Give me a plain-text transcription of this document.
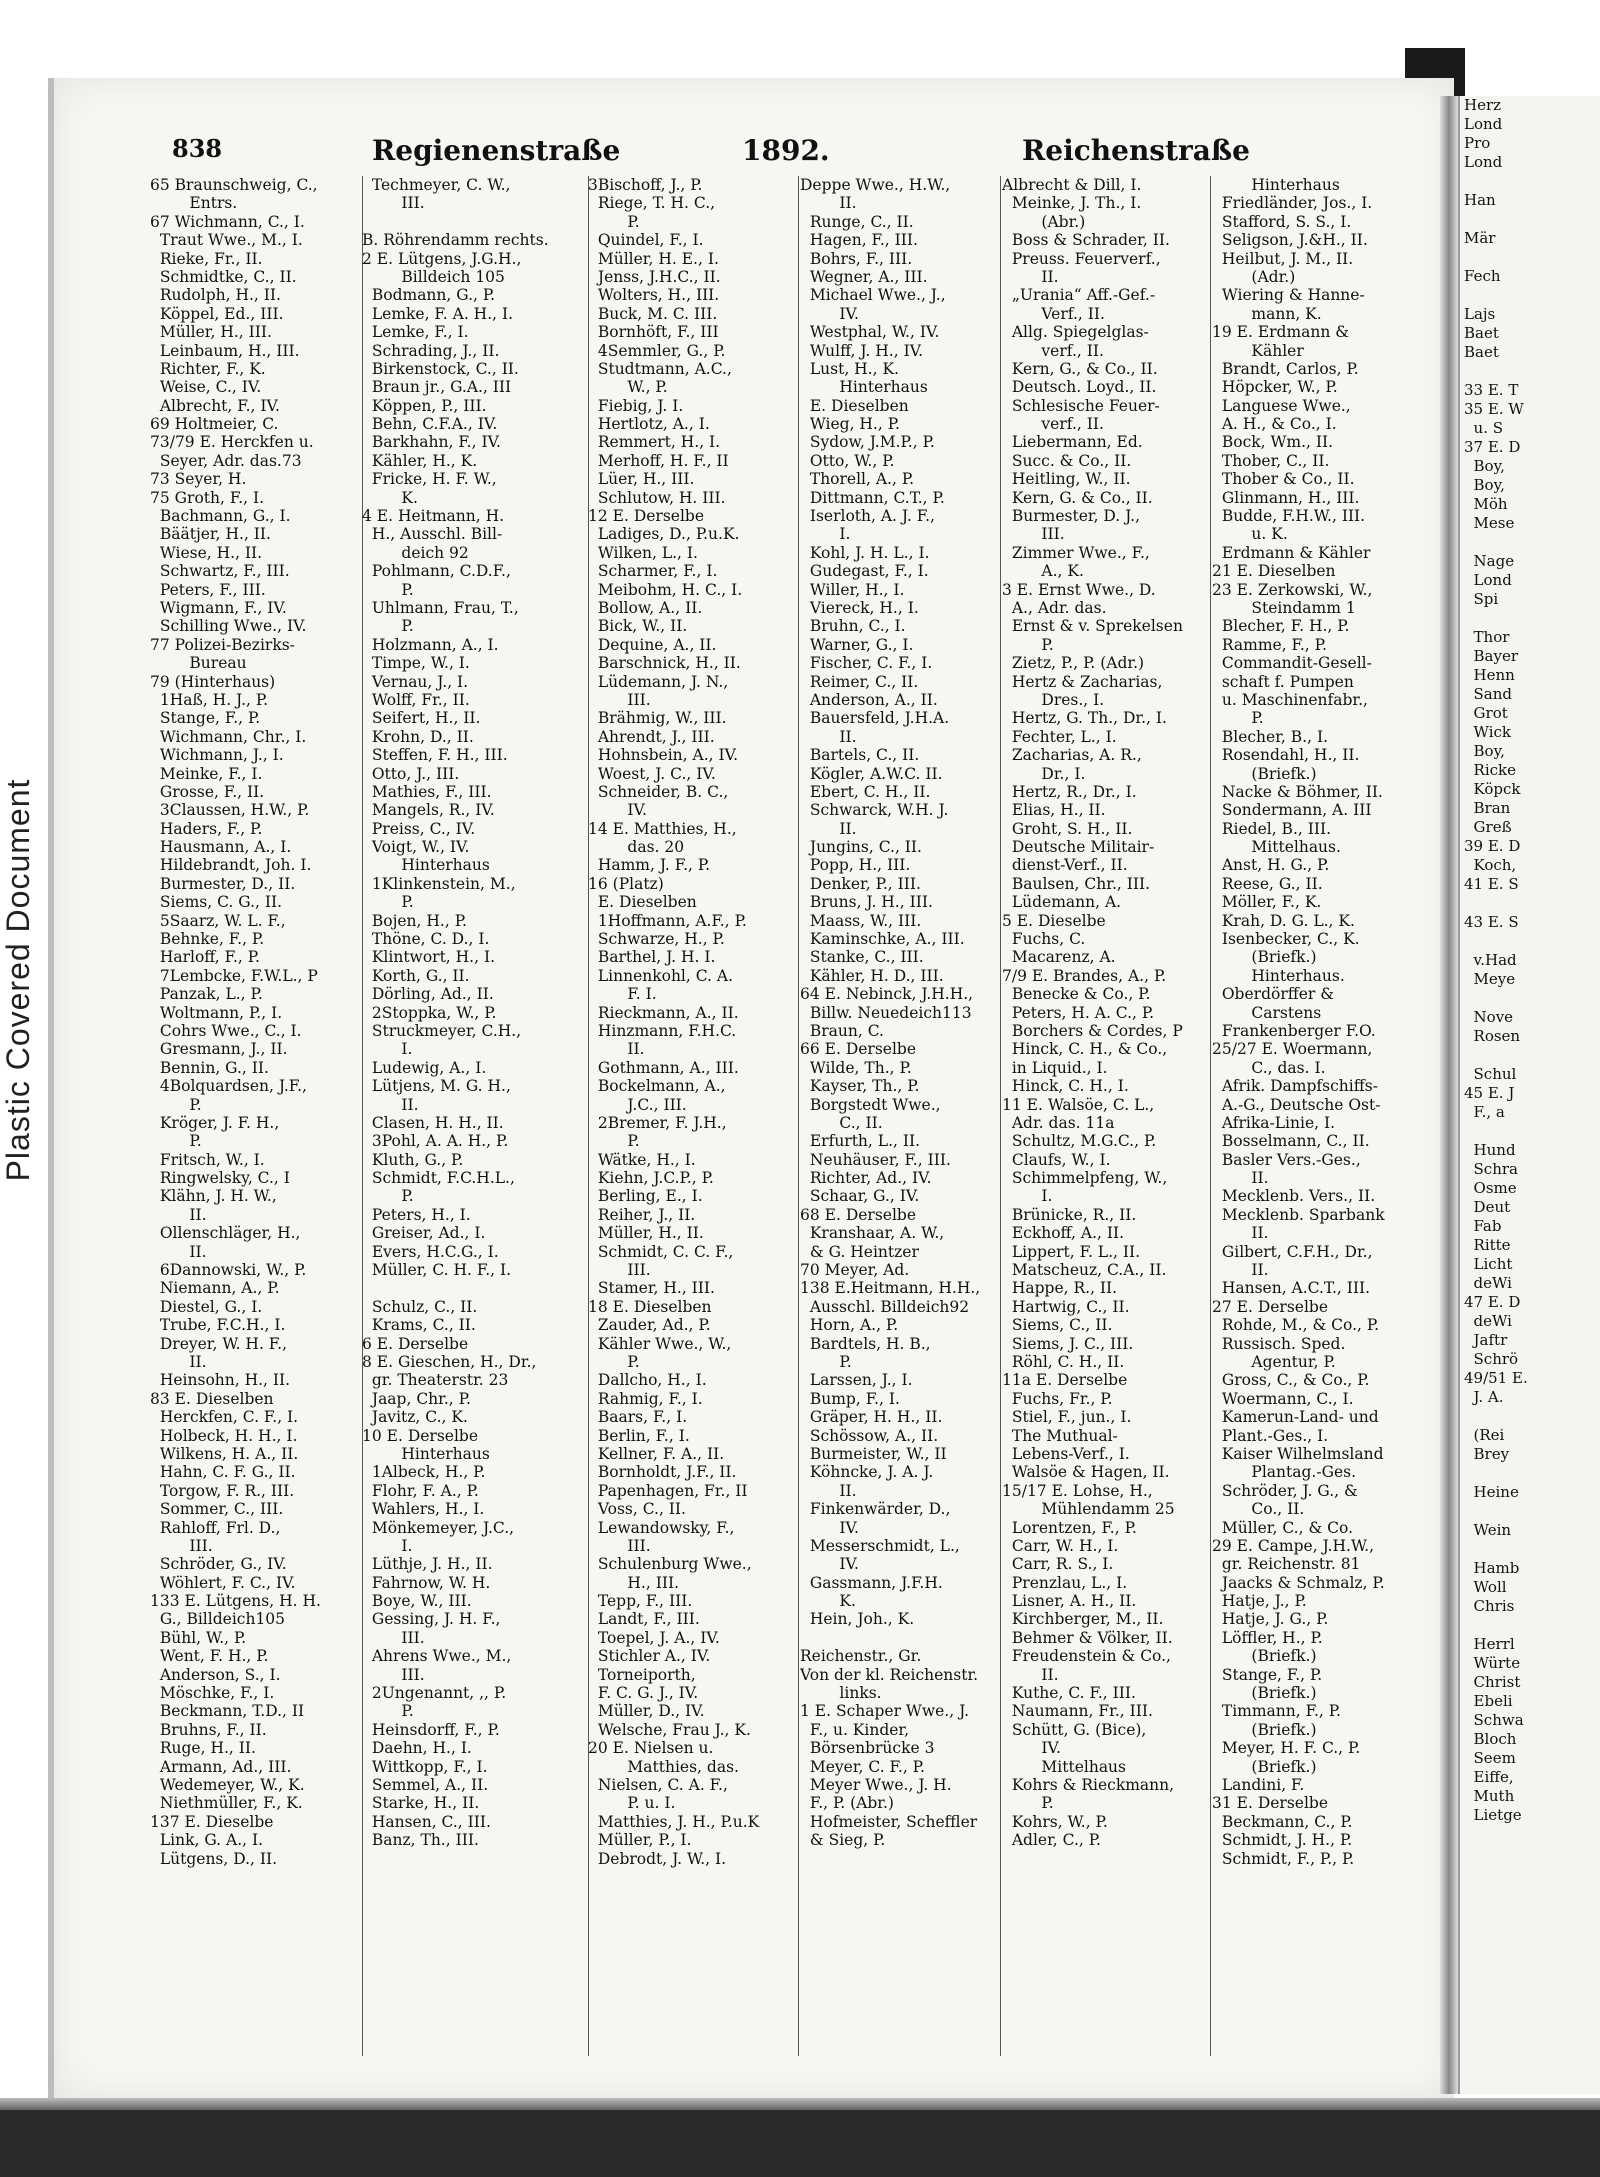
Plastic Covered Document
Herz
Lond
Pro
Lond
Han
Mär
Fech
Lajs
Baet
Baet
33 E. T
35 E. W
u. S
37 E. D
Boy,
Boy,
Möh
Mese
Nage
Lond
Spi
Thor
Bayer
Henn
Sand
Grot
Wick
Boy,
Ricke
Köpck
Bran
Greß
39 E. D
Koch,
41 E. S
43 E. S
v.Had
Meye
Nove
Rosen
Schul
45 E. J
F., a
Hund
Schra
Osme
Deut
Fab
Ritte
Licht
deWi
47 E. D
deWi
Jaftr
Schrö
49/51 E.
J. A.
(Rei
Brey
Heine
Wein
Hamb
Woll
Chris
Herrl
Würte
Christ
Ebeli
Schwa
Bloch
Seem
Eiffe,
Muth
Lietge
838	Regienenstraße	1892.	Reichenstraße
65 Braunschweig, C.,
Entrs.
67 Wichmann, C., I.
Traut Wwe., M., I.
Rieke, Fr., II.
Schmidtke, C., II.
Rudolph, H., II.
Köppel, Ed., III.
Müller, H., III.
Leinbaum, H., III.
Richter, F., K.
Weise, C., IV.
Albrecht, F., IV.
69 Holtmeier, C.
73/79 E. Herckfen u.
Seyer, Adr. das.73
73 Seyer, H.
75 Groth, F., I.
Bachmann, G., I.
Bäätjer, H., II.
Wiese, H., II.
Schwartz, F., III.
Peters, F., III.
Wigmann, F., IV.
Schilling Wwe., IV.
77 Polizei-Bezirks-
Bureau
79 (Hinterhaus)
1Haß, H. J., P.
Stange, F., P.
Wichmann, Chr., I.
Wichmann, J., I.
Meinke, F., I.
Grosse, F., II.
3Claussen, H.W., P.
Haders, F., P.
Hausmann, A., I.
Hildebrandt, Joh. I.
Burmester, D., II.
Siems, C. G., II.
5Saarz, W. L. F.,
Behnke, F., P.
Harloff, F., P.
7Lembcke, F.W.L., P
Panzak, L., P.
Woltmann, P., I.
Cohrs Wwe., C., I.
Gresmann, J., II.
Bennin, G., II.
4Bolquardsen, J.F.,
P.
Kröger, J. F. H.,
P.
Fritsch, W., I.
Ringwelsky, C., I
Klähn, J. H. W.,
II.
Ollenschläger, H.,
II.
6Dannowski, W., P.
Niemann, A., P.
Diestel, G., I.
Trube, F.C.H., I.
Dreyer, W. H. F.,
II.
Heinsohn, H., II.
83 E. Dieselben
Herckfen, C. F., I.
Holbeck, H. H., I.
Wilkens, H. A., II.
Hahn, C. F. G., II.
Torgow, F. R., III.
Sommer, C., III.
Rahloff, Frl. D.,
III.
Schröder, G., IV.
Wöhlert, F. C., IV.
133 E. Lütgens, H. H.
G., Billdeich105
Bühl, W., P.
Went, F. H., P.
Anderson, S., I.
Möschke, F., I.
Beckmann, T.D., II
Bruhns, F., II.
Ruge, H., II.
Armann, Ad., III.
Wedemeyer, W., K.
Niethmüller, F., K.
137 E. Dieselbe
Link, G. A., I.
Lütgens, D., II.
Techmeyer, C. W.,
III.
B. Röhrendamm rechts.
2 E. Lütgens, J.G.H.,
Billdeich 105
Bodmann, G., P.
Lemke, F. A. H., I.
Lemke, F., I.
Schrading, J., II.
Birkenstock, C., II.
Braun jr., G.A., III
Köppen, P., III.
Behn, C.F.A., IV.
Barkhahn, F., IV.
Kähler, H., K.
Fricke, H. F. W.,
K.
4 E. Heitmann, H.
H., Ausschl. Bill-
deich 92
Pohlmann, C.D.F.,
P.
Uhlmann, Frau, T.,
P.
Holzmann, A., I.
Timpe, W., I.
Vernau, J., I.
Wolff, Fr., II.
Seifert, H., II.
Krohn, D., II.
Steffen, F. H., III.
Otto, J., III.
Mathies, F., III.
Mangels, R., IV.
Preiss, C., IV.
Voigt, W., IV.
Hinterhaus
1Klinkenstein, M.,
P.
Bojen, H., P.
Thöne, C. D., I.
Klintwort, H., I.
Korth, G., II.
Dörling, Ad., II.
2Stoppka, W., P.
Struckmeyer, C.H.,
I.
Ludewig, A., I.
Lütjens, M. G. H.,
II.
Clasen, H. H., II.
3Pohl, A. A. H., P.
Kluth, G., P.
Schmidt, F.C.H.L.,
P.
Peters, H., I.
Greiser, Ad., I.
Evers, H.C.G., I.
Müller, C. H. F., I.
Schulz, C., II.
Krams, C., II.
6 E. Derselbe
8 E. Gieschen, H., Dr.,
gr. Theaterstr. 23
Jaap, Chr., P.
Javitz, C., K.
10 E. Derselbe
Hinterhaus
1Albeck, H., P.
Flohr, F. A., P.
Wahlers, H., I.
Mönkemeyer, J.C.,
I.
Lüthje, J. H., II.
Fahrnow, W. H.
Boye, W., III.
Gessing, J. H. F.,
III.
Ahrens Wwe., M.,
III.
2Ungenannt, ,, P.
P.
Heinsdorff, F., P.
Daehn, H., I.
Wittkopp, F., I.
Semmel, A., II.
Starke, H., II.
Hansen, C., III.
Banz, Th., III.
3Bischoff, J., P.
Riege, T. H. C.,
P.
Quindel, F., I.
Müller, H. E., I.
Jenss, J.H.C., II.
Wolters, H., III.
Buck, M. C. III.
Bornhöft, F., III
4Semmler, G., P.
Studtmann, A.C.,
W., P.
Fiebig, J. I.
Hertlotz, A., I.
Remmert, H., I.
Merhoff, H. F., II
Lüer, H., III.
Schlutow, H. III.
12 E. Derselbe
Ladiges, D., P.u.K.
Wilken, L., I.
Scharmer, F., I.
Meibohm, H. C., I.
Bollow, A., II.
Bick, W., II.
Dequine, A., II.
Barschnick, H., II.
Lüdemann, J. N.,
III.
Brähmig, W., III.
Ahrendt, J., III.
Hohnsbein, A., IV.
Woest, J. C., IV.
Schneider, B. C.,
IV.
14 E. Matthies, H.,
das. 20
Hamm, J. F., P.
16 (Platz)
E. Dieselben
1Hoffmann, A.F., P.
Schwarze, H., P.
Barthel, J. H. I.
Linnenkohl, C. A.
F. I.
Rieckmann, A., II.
Hinzmann, F.H.C.
II.
Gothmann, A., III.
Bockelmann, A.,
J.C., III.
2Bremer, F. J.H.,
P.
Wätke, H., I.
Kiehn, J.C.P., P.
Berling, E., I.
Reiher, J., II.
Müller, H., II.
Schmidt, C. C. F.,
III.
Stamer, H., III.
18 E. Dieselben
Zauder, Ad., P.
Kähler Wwe., W.,
P.
Dallcho, H., I.
Rahmig, F., I.
Baars, F., I.
Berlin, F., I.
Kellner, F. A., II.
Bornholdt, J.F., II.
Papenhagen, Fr., II
Voss, C., II.
Lewandowsky, F.,
III.
Schulenburg Wwe.,
H., III.
Tepp, F., III.
Landt, F., III.
Toepel, J. A., IV.
Stichler A., IV.
Torneiporth,
F. C. G. J., IV.
Müller, D., IV.
Welsche, Frau J., K.
20 E. Nielsen u.
Matthies, das.
Nielsen, C. A. F.,
P. u. I.
Matthies, J. H., P.u.K
Müller, P., I.
Debrodt, J. W., I.
Deppe Wwe., H.W.,
II.
Runge, C., II.
Hagen, F., III.
Bohrs, F., III.
Wegner, A., III.
Michael Wwe., J.,
IV.
Westphal, W., IV.
Wulff, J. H., IV.
Lust, H., K.
Hinterhaus
E. Dieselben
Wieg, H., P.
Sydow, J.M.P., P.
Otto, W., P.
Thorell, A., P.
Dittmann, C.T., P.
Iserloth, A. J. F.,
I.
Kohl, J. H. L., I.
Gudegast, F., I.
Willer, H., I.
Viereck, H., I.
Bruhn, C., I.
Warner, G., I.
Fischer, C. F., I.
Reimer, C., II.
Anderson, A., II.
Bauersfeld, J.H.A.
II.
Bartels, C., II.
Kögler, A.W.C. II.
Ebert, C. H., II.
Schwarck, W.H. J.
II.
Jungins, C., II.
Popp, H., III.
Denker, P., III.
Bruns, J. H., III.
Maass, W., III.
Kaminschke, A., III.
Stanke, C., III.
Kähler, H. D., III.
64 E. Nebinck, J.H.H.,
Billw. Neuedeich113
Braun, C.
66 E. Derselbe
Wilde, Th., P.
Kayser, Th., P.
Borgstedt Wwe.,
C., II.
Erfurth, L., II.
Neuhäuser, F., III.
Richter, Ad., IV.
Schaar, G., IV.
68 E. Derselbe
Kranshaar, A. W.,
& G. Heintzer
70 Meyer, Ad.
138 E.Heitmann, H.H.,
Ausschl. Billdeich92
Horn, A., P.
Bardtels, H. B.,
P.
Larssen, J., I.
Bump, F., I.
Gräper, H. H., II.
Schössow, A., II.
Burmeister, W., II
Köhncke, J. A. J.
II.
Finkenwärder, D.,
IV.
Messerschmidt, L.,
IV.
Gassmann, J.F.H.
K.
Hein, Joh., K.
Reichenstr., Gr.
Von der kl. Reichenstr.
links.
1 E. Schaper Wwe., J.
F., u. Kinder,
Börsenbrücke 3
Meyer, C. F., P.
Meyer Wwe., J. H.
F., P. (Abr.)
Hofmeister, Scheffler
& Sieg, P.
Albrecht & Dill, I.
Meinke, J. Th., I.
(Abr.)
Boss & Schrader, II.
Preuss. Feuerverf.,
II.
„Urania“ Aff.-Gef.-
Verf., II.
Allg. Spiegelglas-
verf., II.
Kern, G., & Co., II.
Deutsch. Loyd., II.
Schlesische Feuer-
verf., II.
Liebermann, Ed.
Succ. & Co., II.
Heitling, W., II.
Kern, G. & Co., II.
Burmester, D. J.,
III.
Zimmer Wwe., F.,
A., K.
3 E. Ernst Wwe., D.
A., Adr. das.
Ernst & v. Sprekelsen
P.
Zietz, P., P. (Adr.)
Hertz & Zacharias,
Dres., I.
Hertz, G. Th., Dr., I.
Fechter, L., I.
Zacharias, A. R.,
Dr., I.
Hertz, R., Dr., I.
Elias, H., II.
Groht, S. H., II.
Deutsche Militair-
dienst-Verf., II.
Baulsen, Chr., III.
Lüdemann, A.
5 E. Dieselbe
Fuchs, C.
Macarenz, A.
7/9 E. Brandes, A., P.
Benecke & Co., P.
Peters, H. A. C., P.
Borchers & Cordes, P
Hinck, C. H., & Co.,
in Liquid., I.
Hinck, C. H., I.
11 E. Walsöe, C. L.,
Adr. das. 11a
Schultz, M.G.C., P.
Claufs, W., I.
Schimmelpfeng, W.,
I.
Brünicke, R., II.
Eckhoff, A., II.
Lippert, F. L., II.
Matscheuz, C.A., II.
Happe, R., II.
Hartwig, C., II.
Siems, C., II.
Siems, J. C., III.
Röhl, C. H., II.
11a E. Derselbe
Fuchs, Fr., P.
Stiel, F., jun., I.
The Muthual-
Lebens-Verf., I.
Walsöe & Hagen, II.
15/17 E. Lohse, H.,
Mühlendamm 25
Lorentzen, F., P.
Carr, W. H., I.
Carr, R. S., I.
Prenzlau, L., I.
Lisner, A. H., II.
Kirchberger, M., II.
Behmer & Völker, II.
Freudenstein & Co.,
II.
Kuthe, C. F., III.
Naumann, Fr., III.
Schütt, G. (Bice),
IV.
Mittelhaus
Kohrs & Rieckmann,
P.
Kohrs, W., P.
Adler, C., P.
Hinterhaus
Friedländer, Jos., I.
Stafford, S. S., I.
Seligson, J.&H., II.
Heilbut, J. M., II.
(Adr.)
Wiering & Hanne-
mann, K.
19 E. Erdmann &
Kähler
Brandt, Carlos, P.
Höpcker, W., P.
Languese Wwe.,
A. H., & Co., I.
Bock, Wm., II.
Thober, C., II.
Thober & Co., II.
Glinmann, H., III.
Budde, F.H.W., III.
u. K.
Erdmann & Kähler
21 E. Dieselben
23 E. Zerkowski, W.,
Steindamm 1
Blecher, F. H., P.
Ramme, F., P.
Commandit-Gesell-
schaft f. Pumpen
u. Maschinenfabr.,
P.
Blecher, B., I.
Rosendahl, H., II.
(Briefk.)
Nacke & Böhmer, II.
Sondermann, A. III
Riedel, B., III.
Mittelhaus.
Anst, H. G., P.
Reese, G., II.
Möller, F., K.
Krah, D. G. L., K.
Isenbecker, C., K.
(Briefk.)
Hinterhaus.
Oberdörffer &
Carstens
Frankenberger F.O.
25/27 E. Woermann,
C., das. I.
Afrik. Dampfschiffs-
A.-G., Deutsche Ost-
Afrika-Linie, I.
Bosselmann, C., II.
Basler Vers.-Ges.,
II.
Mecklenb. Vers., II.
Mecklenb. Sparbank
II.
Gilbert, C.F.H., Dr.,
II.
Hansen, A.C.T., III.
27 E. Derselbe
Rohde, M., & Co., P.
Russisch. Sped.
Agentur, P.
Gross, C., & Co., P.
Woermann, C., I.
Kamerun-Land- und
Plant.-Ges., I.
Kaiser Wilhelmsland
Plantag.-Ges.
Schröder, J. G., &
Co., II.
Müller, C., & Co.
29 E. Campe, J.H.W.,
gr. Reichenstr. 81
Jaacks & Schmalz, P.
Hatje, J., P.
Hatje, J. G., P.
Löffler, H., P.
(Briefk.)
Stange, F., P.
(Briefk.)
Timmann, F., P.
(Briefk.)
Meyer, H. F. C., P.
(Briefk.)
Landini, F.
31 E. Derselbe
Beckmann, C., P.
Schmidt, J. H., P.
Schmidt, F., P., P.
